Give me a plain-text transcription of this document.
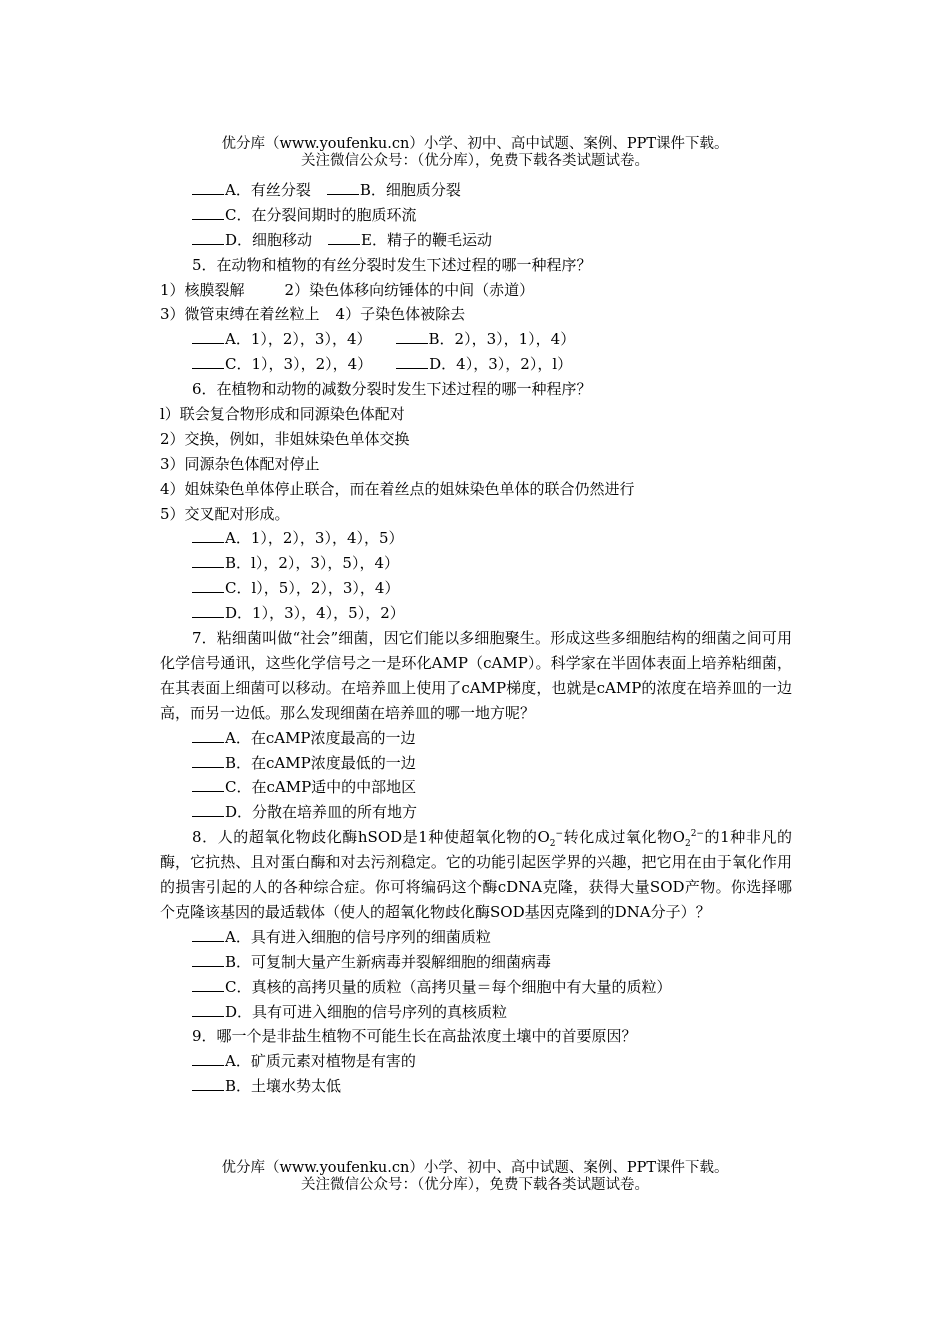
优分库（www.youfenku.cn）小学、初中、高中试题、案例、PPT课件下载。
关注微信公众号：（优分库），免费下载各类试题试卷。
A．有丝分裂	B．细胞质分裂
C．在分裂间期时的胞质环流
D．细胞移动	E．精子的鞭毛运动
5．在动物和植物的有丝分裂时发生下述过程的哪一种程序？
1）核膜裂解	2）染色体移向纺锤体的中间（赤道）
3）微管束缚在着丝粒上 4）子染色体被除去
A．1），2），3），4）	B．2），3），1），4）
C．1），3），2），4）	D．4），3），2），l）
6．在植物和动物的减数分裂时发生下述过程的哪一种程序？
l）联会复合物形成和同源染色体配对
2）交换，例如，非姐妹染色单体交换
3）同源杂色体配对停止
4）姐妹染色单体停止联合，而在着丝点的姐妹染色单体的联合仍然进行
5）交叉配对形成。
A．1），2），3），4），5）
B．l），2），3），5），4）
C．l），5），2），3），4）
D．1），3），4），5），2）
7．粘细菌叫做“社会”细菌，因它们能以多细胞聚生。形成这些多细胞结构的细菌之间可用化学信号通讯，这些化学信号之一是环化AMP（cAMP）。科学家在半固体表面上培养粘细菌，在其表面上细菌可以移动。在培养皿上使用了cAMP梯度，也就是cAMP的浓度在培养皿的一边高，而另一边低。那么发现细菌在培养皿的哪一地方呢？
A．在cAMP浓度最高的一边
B．在cAMP浓度最低的一边
C．在cAMP适中的中部地区
D．分散在培养皿的所有地方
8．人的超氧化物歧化酶hSOD是1种使超氧化物的$O_2^-$转化成过氧化物$O_2^{2-}$的1种非凡的酶，它抗热、且对蛋白酶和对去污剂稳定。它的功能引起医学界的兴趣，把它用在由于氧化作用的损害引起的人的各种综合症。你可将编码这个酶cDNA克隆，获得大量SOD产物。你选择哪个克隆该基因的最适载体（使人的超氧化物歧化酶SOD基因克隆到的DNA分子）？
A．具有进入细胞的信号序列的细菌质粒
B．可复制大量产生新病毒并裂解细胞的细菌病毒
C．真核的高拷贝量的质粒（高拷贝量＝每个细胞中有大量的质粒）
D．具有可进入细胞的信号序列的真核质粒
9．哪一个是非盐生植物不可能生长在高盐浓度土壤中的首要原因？
A．矿质元素对植物是有害的
B．土壤水势太低
优分库（www.youfenku.cn）小学、初中、高中试题、案例、PPT课件下载。
关注微信公众号：（优分库），免费下载各类试题试卷。
